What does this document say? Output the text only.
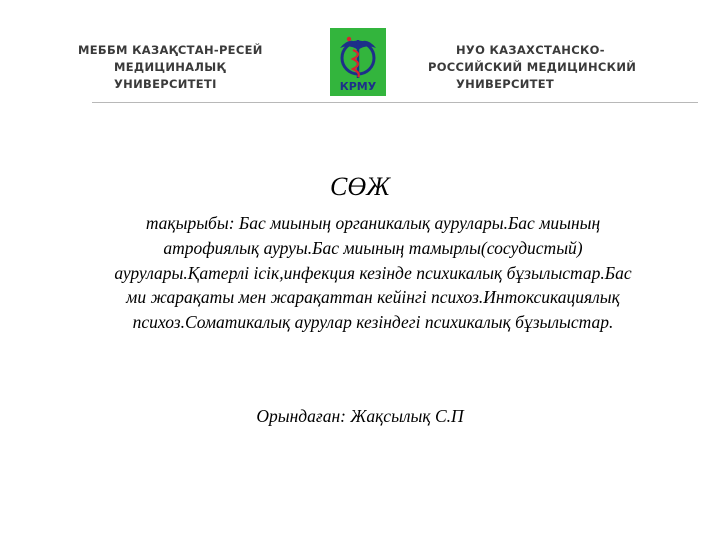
МЕББМ КАЗАҚСТАН-РЕСЕЙ
МЕДИЦИНАЛЫҚ
УНИВЕРСИТЕТІ	КРМУ
НУО КАЗАХСТАНСКО-
РОССИЙСКИЙ МЕДИЦИНСКИЙ
УНИВЕРСИТЕТ
СӨЖ
тақырыбы: Бас миының органикалық аурулары.Бас миының атрофиялық ауруы.Бас миының тамырлы(сосудистый) аурулары.Қатерлі ісік,инфекция кезінде психикалық бұзылыстар.Бас ми жарақаты мен жарақаттан кейінгі психоз.Интоксикациялық психоз.Соматикалық аурулар кезіндегі психикалық бұзылыстар.
Орындаған: Жақсылық С.П
